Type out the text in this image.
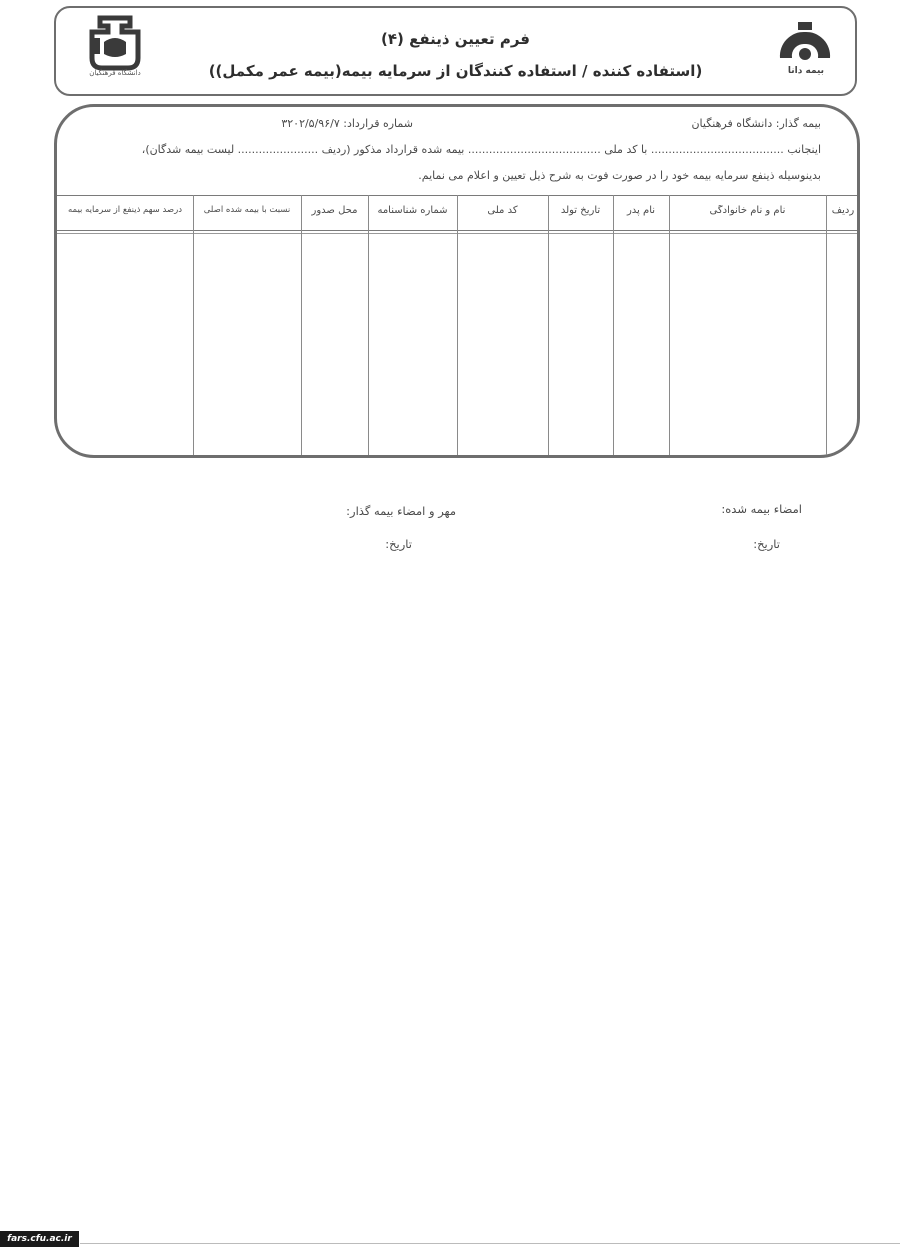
فرم تعیین ذینفع (۴)
(استفاده کننده / استفاده کنندگان از سرمایه بیمه(بیمه عمر مکمل))	بیمه دانا
دانشگاه فرهنگیان
بیمه گذار: دانشگاه فرهنگیان
شماره قرارداد: ۳۲۰۲/۵/۹۶/۷
اینجانب ...................................... با کد ملی ...................................... بیمه شده قرارداد مذکور (ردیف ....................... لیست بیمه شدگان)،
بدینوسیله ذینفع سرمایه بیمه خود را در صورت فوت به شرح ذیل تعیین و اعلام می نمایم.
ردیف
نام و نام خانوادگی
نام پدر
تاریخ تولد
کد ملی
شماره شناسنامه
محل صدور
نسبت با بیمه شده اصلی
درصد سهم ذینفع از سرمایه بیمه
امضاء بیمه شده:
تاریخ:
مهر و امضاء بیمه گذار:
تاریخ:
fars.cfu.ac.ir
